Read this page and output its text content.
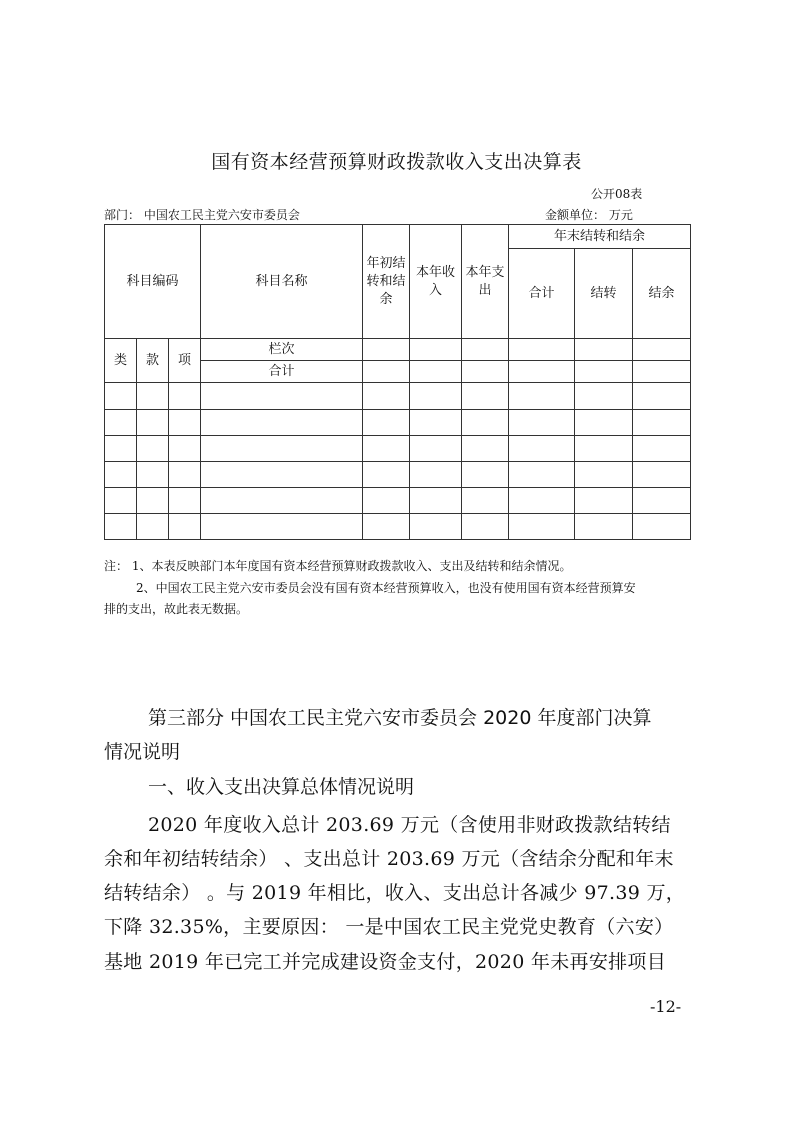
国有资本经营预算财政拨款收入支出决算表
公开08表
部门： 中国农工民主党六安市委员会	金额单位： 万元
科目编码			科目名称	年初结转和结余	本年收入	本年支出	年末结转和结余		
							合计	结转	结余
类	款	项	栏次						
			合计						

注： 1、本表反映部门本年度国有资本经营预算财政拨款收入、支出及结转和结余情况。
2、中国农工民主党六安市委员会没有国有资本经营预算收入，也没有使用国有资本经营预算安
排的支出，故此表无数据。
第三部分 中国农工民主党六安市委员会 2020 年度部门决算
情况说明
一、收入支出决算总体情况说明
2020 年度收入总计 203.69 万元（含使用非财政拨款结转结
余和年初结转结余） 、支出总计 203.69 万元（含结余分配和年末
结转结余） 。与 2019 年相比，收入、支出总计各减少 97.39 万，
下降 32.35%，主要原因： 一是中国农工民主党党史教育（六安）
基地 2019 年已完工并完成建设资金支付，2020 年未再安排项目
-12-
